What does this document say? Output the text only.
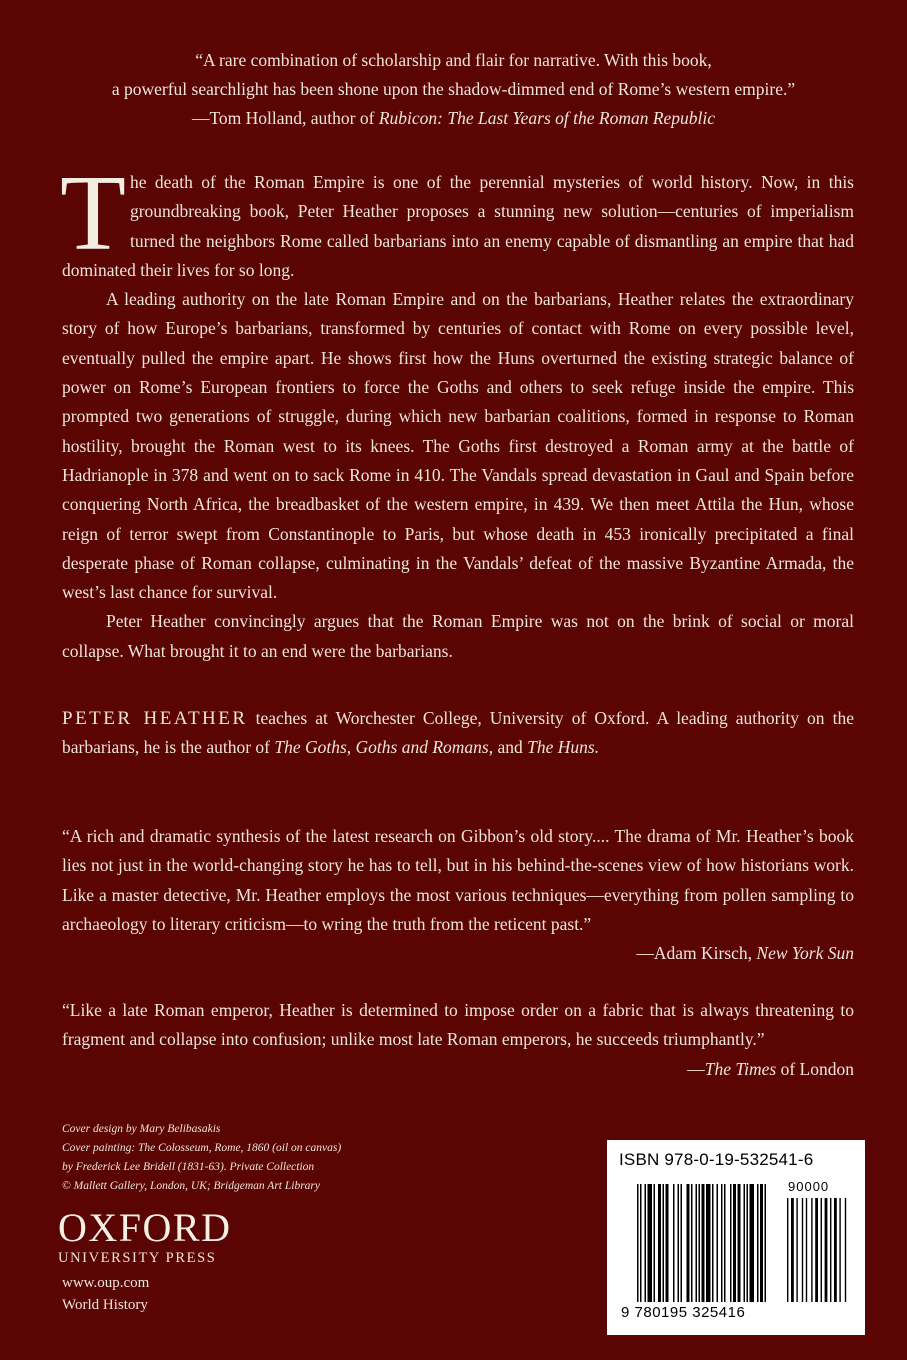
“A rare combination of scholarship and flair for narrative. With this book,

a powerful searchlight has been shone upon the shadow-dimmed end of Rome’s western empire.”

—Tom Holland, author of Rubicon: The Last Years of the Roman Republic

The death of the Roman Empire is one of the perennial mysteries of world history. Now, in this groundbreaking book, Peter Heather proposes a stunning new solution—centuries of imperialism turned the neighbors Rome called barbarians into an enemy capable of dismantling an empire that had dominated their lives for so long.

A leading authority on the late Roman Empire and on the barbarians, Heather relates the extraordinary story of how Europe’s barbarians, transformed by centuries of contact with Rome on every possible level, eventually pulled the empire apart. He shows first how the Huns overturned the existing strategic balance of power on Rome’s European frontiers to force the Goths and others to seek refuge inside the empire. This prompted two generations of struggle, during which new barbarian coalitions, formed in response to Roman hostility, brought the Roman west to its knees. The Goths first destroyed a Roman army at the battle of Hadrianople in 378 and went on to sack Rome in 410. The Vandals spread devastation in Gaul and Spain before conquering North Africa, the breadbasket of the western empire, in 439. We then meet Attila the Hun, whose reign of terror swept from Constantinople to Paris, but whose death in 453 ironically precipitated a final desperate phase of Roman collapse, culminating in the Vandals’ defeat of the massive Byzantine Armada, the west’s last chance for survival.

Peter Heather convincingly argues that the Roman Empire was not on the brink of social or moral collapse. What brought it to an end were the barbarians.

PETER HEATHER teaches at Worchester College, University of Oxford. A leading authority on the barbarians, he is the author of The Goths, Goths and Romans, and The Huns.

“A rich and dramatic synthesis of the latest research on Gibbon’s old story.... The drama of Mr. Heather’s book lies not just in the world-changing story he has to tell, but in his behind-the-scenes view of how historians work. Like a master detective, Mr. Heather employs the most various techniques—everything from pollen sampling to archaeology to literary criticism—to wring the truth from the reticent past.”

—Adam Kirsch, New York Sun

“Like a late Roman emperor, Heather is determined to impose order on a fabric that is always threatening to fragment and collapse into confusion; unlike most late Roman emperors, he succeeds triumphantly.”

—The Times of London

Cover design by Mary Belibasakis
Cover painting: The Colosseum, Rome, 1860 (oil on canvas)
by Frederick Lee Bridell (1831-63). Private Collection
© Mallett Gallery, London, UK; Bridgeman Art Library
OXFORD
UNIVERSITY PRESS
www.oup.com
World History
ISBN 978-0-19-532541-6
90000
9 780195 325416
